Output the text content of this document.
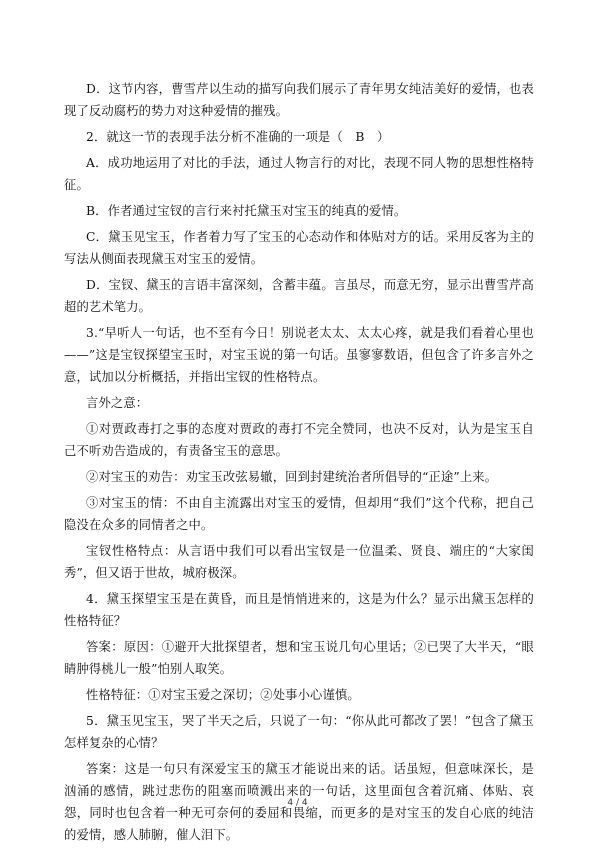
D．这节内容，曹雪芹以生动的描写向我们展示了青年男女纯洁美好的爱情，也表现了反动腐朽的势力对这种爱情的摧残。

2．就这一节的表现手法分析不准确的一项是（　B　）

A．成功地运用了对比的手法，通过人物言行的对比，表现不同人物的思想性格特征。

B．作者通过宝钗的言行来衬托黛玉对宝玉的纯真的爱情。

C．黛玉见宝玉，作者着力写了宝玉的心态动作和体贴对方的话。采用反客为主的写法从侧面表现黛玉对宝玉的爱情。

D．宝钗、黛玉的言语丰富深刻，含蓄丰蕴。言虽尽，而意无穷，显示出曹雪芹高超的艺术笔力。

3.“早听人一句话，也不至有今日！别说老太太、太太心疼，就是我们看着心里也——”这是宝钗探望宝玉时，对宝玉说的第一句话。虽寥寥数语，但包含了许多言外之意，试加以分析概括，并指出宝钗的性格特点。

言外之意：

①对贾政毒打之事的态度对贾政的毒打不完全赞同，也决不反对，认为是宝玉自己不听劝告造成的，有责备宝玉的意思。

②对宝玉的劝告：劝宝玉改弦易辙，回到封建统治者所倡导的“正途”上来。

③对宝玉的情：不由自主流露出对宝玉的爱情，但却用“我们”这个代称，把自己隐没在众多的同情者之中。

宝钗性格特点：从言语中我们可以看出宝钗是一位温柔、贤良、端庄的“大家闺秀”，但又语于世故，城府极深。

4．黛玉探望宝玉是在黄昏，而且是悄悄进来的，这是为什么？显示出黛玉怎样的性格特征？

答案：原因：①避开大批探望者，想和宝玉说几句心里话；②已哭了大半天，“眼睛肿得桃儿一般”怕别人取笑。

性格特征：①对宝玉爱之深切；②处事小心谨慎。

5．黛玉见宝玉，哭了半天之后，只说了一句：“你从此可都改了罢！”包含了黛玉怎样复杂的心情？

答案：这是一句只有深爱宝玉的黛玉才能说出来的话。话虽短，但意味深长，是汹涌的感情，跳过悲伤的阻塞而喷溅出来的一句话，这里面包含着沉痛、体贴、哀怨，同时也包含着一种无可奈何的委屈和畏缩，而更多的是对宝玉的发自心底的纯洁的爱情，感人肺腑，催人泪下。

4 / 4
